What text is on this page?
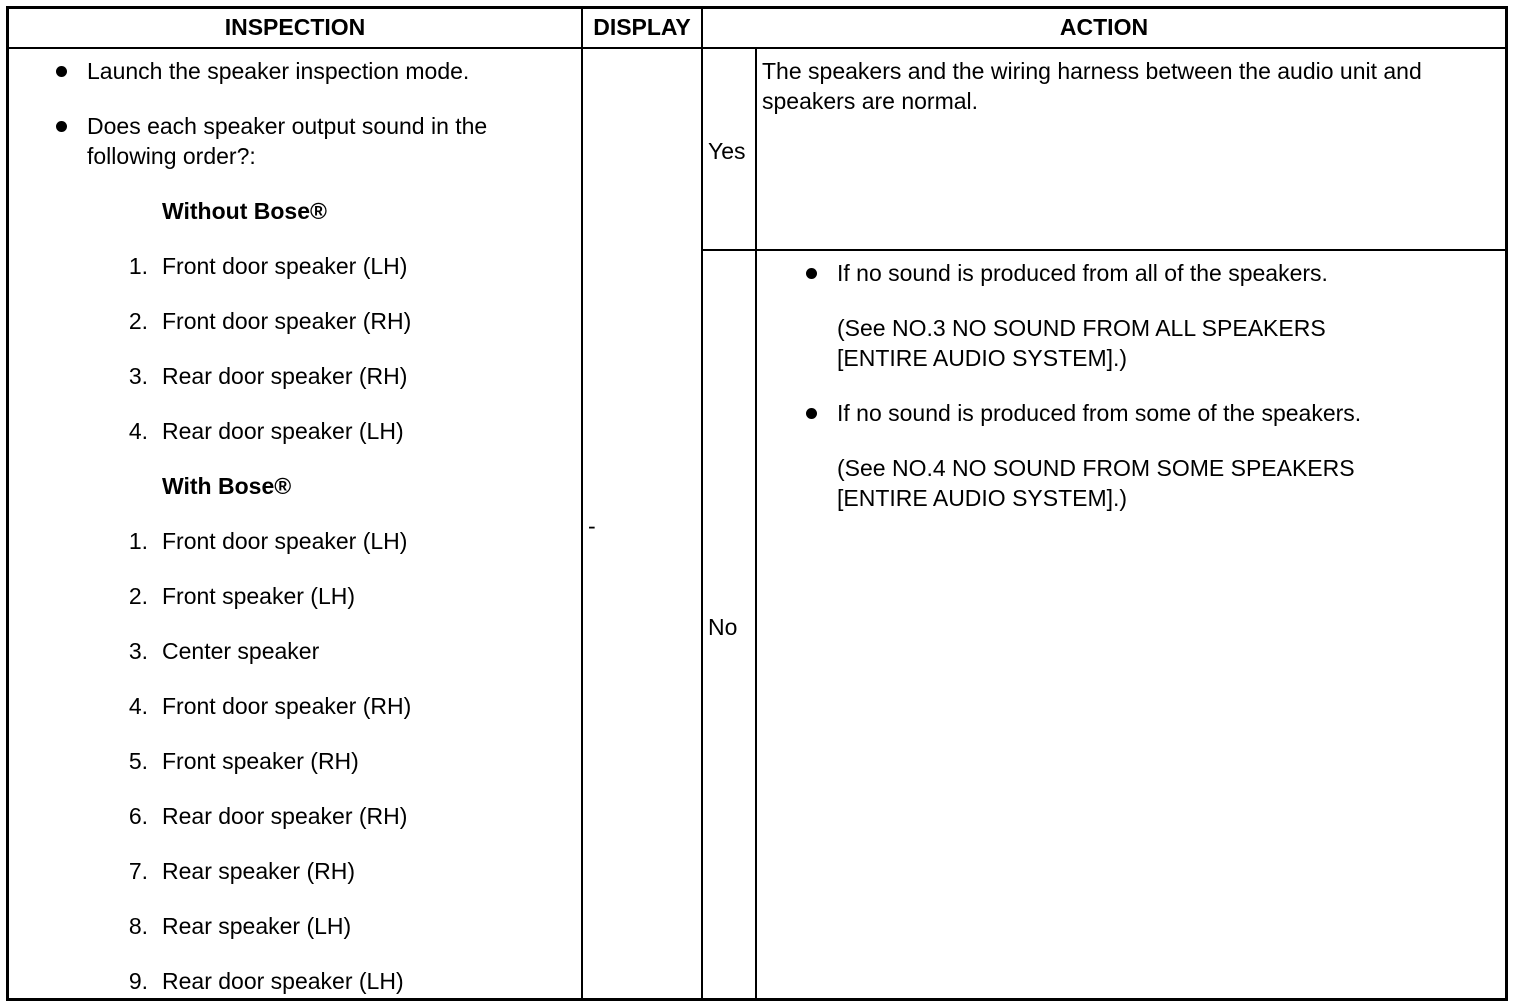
INSPECTION	DISPLAY	ACTION
Launch the speaker inspection mode.
Does each speaker output sound in the
following order?:
Without Bose®
1. Front door speaker (LH)
2. Front door speaker (RH)
3. Rear door speaker (RH)
4. Rear door speaker (LH)
With Bose®
1. Front door speaker (LH)
2. Front speaker (LH)
3. Center speaker
4. Front door speaker (RH)
5. Front speaker (RH)
6. Rear door speaker (RH)
7. Rear speaker (RH)
8. Rear speaker (LH)
9. Rear door speaker (LH)
-
Yes
The speakers and the wiring harness between the audio unit and
speakers are normal.
No
If no sound is produced from all of the speakers.
(See NO.3 NO SOUND FROM ALL SPEAKERS
[ENTIRE AUDIO SYSTEM].)
If no sound is produced from some of the speakers.
(See NO.4 NO SOUND FROM SOME SPEAKERS
[ENTIRE AUDIO SYSTEM].)
